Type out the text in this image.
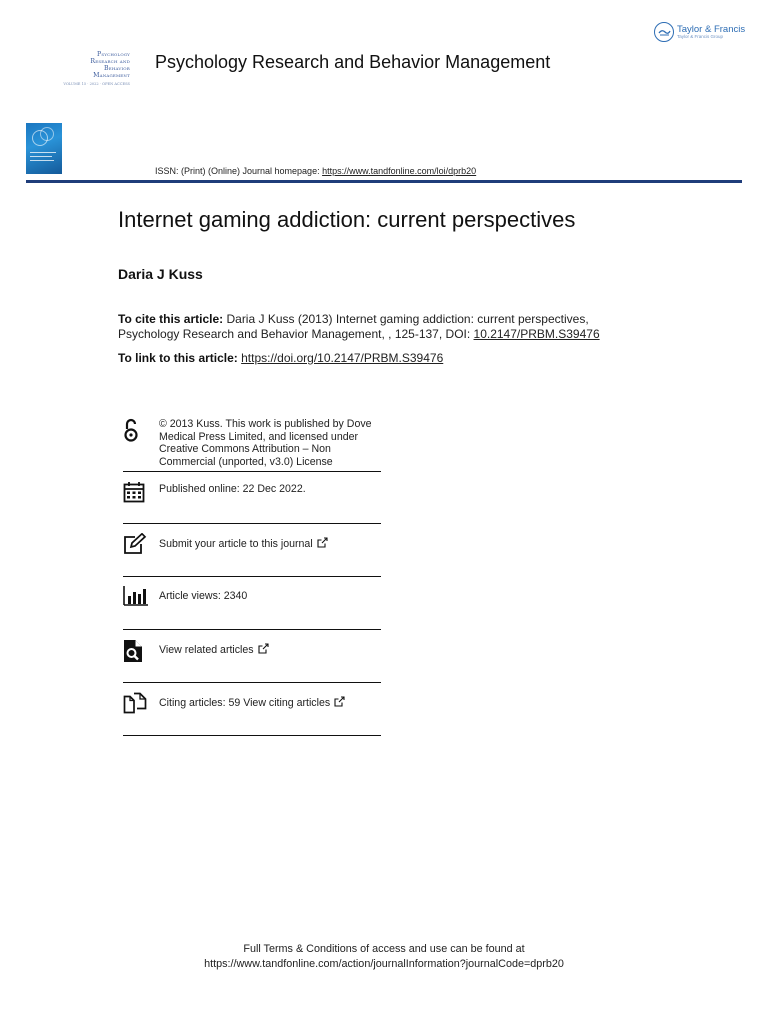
Psychology
Research and
Behavior
Management
VOLUME 15 · 2022 · OPEN ACCESS
Psychology Research and Behavior Management
Taylor & Francis
Taylor & Francis Group
ISSN: (Print) (Online) Journal homepage: https://www.tandfonline.com/loi/dprb20
Internet gaming addiction: current perspectives
Daria J Kuss
To cite this article: Daria J Kuss (2013) Internet gaming addiction: current perspectives, Psychology Research and Behavior Management, , 125-137, DOI: 10.2147/PRBM.S39476
To link to this article: https://doi.org/10.2147/PRBM.S39476
© 2013 Kuss. This work is published by Dove Medical Press Limited, and licensed under Creative Commons Attribution – Non Commercial (unported, v3.0) License
Published online: 22 Dec 2022.
Submit your article to this journal
Article views: 2340
View related articles
Citing articles: 59 View citing articles
Full Terms & Conditions of access and use can be found at
https://www.tandfonline.com/action/journalInformation?journalCode=dprb20
